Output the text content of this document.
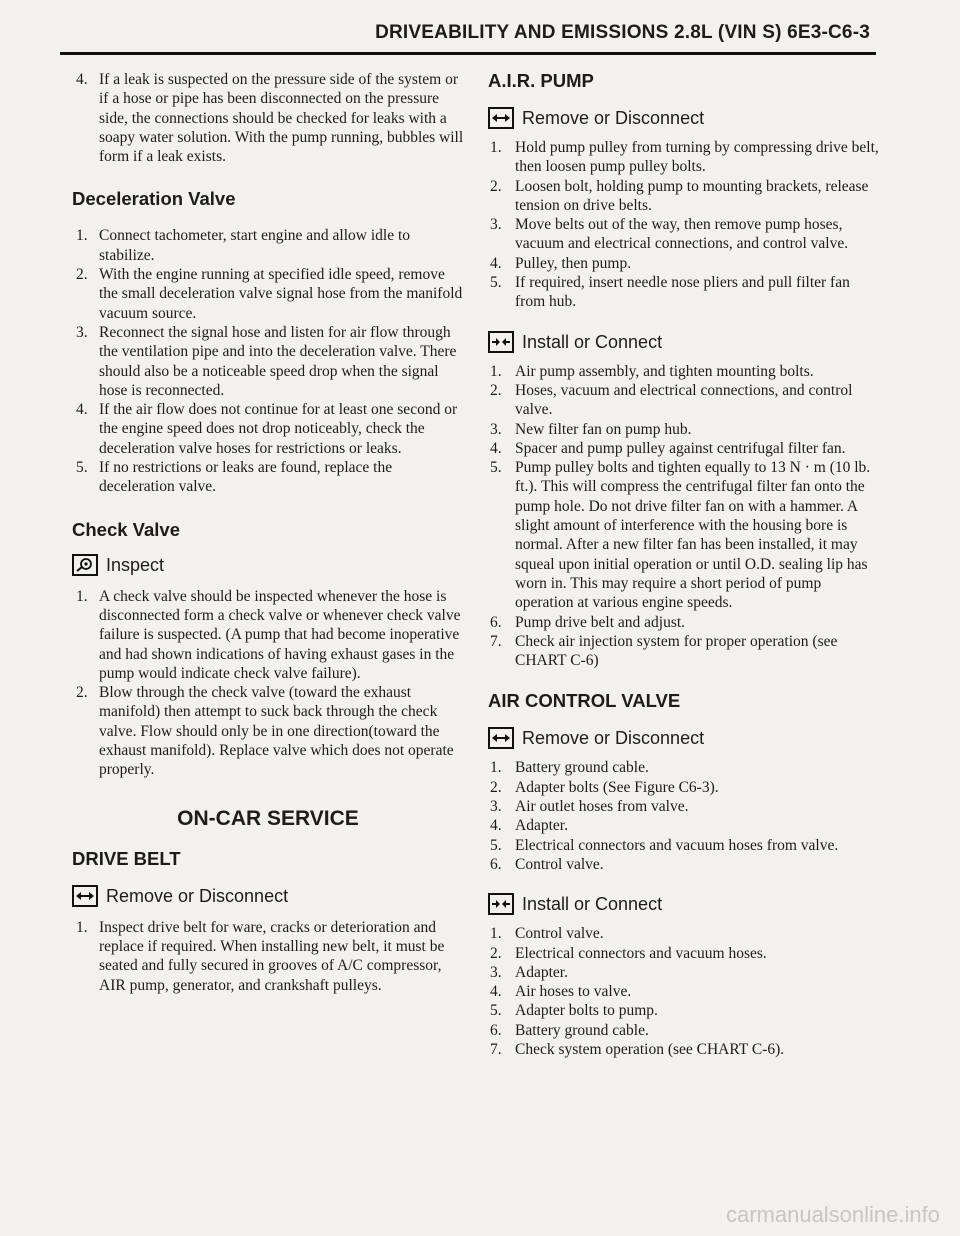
DRIVEABILITY AND EMISSIONS 2.8L (VIN S) 6E3-C6-3
4. If a leak is suspected on the pressure side of the system or if a hose or pipe has been disconnected on the pressure side, the connections should be checked for leaks with a soapy water solution. With the pump running, bubbles will form if a leak exists.
Deceleration Valve
1. Connect tachometer, start engine and allow idle to stabilize.
2. With the engine running at specified idle speed, remove the small deceleration valve signal hose from the manifold vacuum source.
3. Reconnect the signal hose and listen for air flow through the ventilation pipe and into the deceleration valve. There should also be a noticeable speed drop when the signal hose is reconnected.
4. If the air flow does not continue for at least one second or the engine speed does not drop noticeably, check the deceleration valve hoses for restrictions or leaks.
5. If no restrictions or leaks are found, replace the deceleration valve.
Check Valve
Inspect
1. A check valve should be inspected whenever the hose is disconnected form a check valve or whenever check valve failure is suspected. (A pump that had become inoperative and had shown indications of having exhaust gases in the pump would indicate check valve failure).
2. Blow through the check valve (toward the exhaust manifold) then attempt to suck back through the check valve. Flow should only be in one direction(toward the exhaust manifold). Replace valve which does not operate properly.
ON-CAR SERVICE
DRIVE BELT
Remove or Disconnect
1. Inspect drive belt for ware, cracks or deterioration and replace if required. When installing new belt, it must be seated and fully secured in grooves of A/C compressor, AIR pump, generator, and crankshaft pulleys.
A.I.R. PUMP
Remove or Disconnect
1. Hold pump pulley from turning by compressing drive belt, then loosen pump pulley bolts.
2. Loosen bolt, holding pump to mounting brackets, release tension on drive belts.
3. Move belts out of the way, then remove pump hoses, vacuum and electrical connections, and control valve.
4. Pulley, then pump.
5. If required, insert needle nose pliers and pull filter fan from hub.
Install or Connect
1. Air pump assembly, and tighten mounting bolts.
2. Hoses, vacuum and electrical connections, and control valve.
3. New filter fan on pump hub.
4. Spacer and pump pulley against centrifugal filter fan.
5. Pump pulley bolts and tighten equally to 13 N · m (10 lb. ft.). This will compress the centrifugal filter fan onto the pump hole. Do not drive filter fan on with a hammer. A slight amount of interference with the housing bore is normal. After a new filter fan has been installed, it may squeal upon initial operation or until O.D. sealing lip has worn in. This may require a short period of pump operation at various engine speeds.
6. Pump drive belt and adjust.
7. Check air injection system for proper operation (see CHART C-6)
AIR CONTROL VALVE
Remove or Disconnect
1. Battery ground cable.
2. Adapter bolts (See Figure C6-3).
3. Air outlet hoses from valve.
4. Adapter.
5. Electrical connectors and vacuum hoses from valve.
6. Control valve.
Install or Connect
1. Control valve.
2. Electrical connectors and vacuum hoses.
3. Adapter.
4. Air hoses to valve.
5. Adapter bolts to pump.
6. Battery ground cable.
7. Check system operation (see CHART C-6).
carmanualsonline.info
